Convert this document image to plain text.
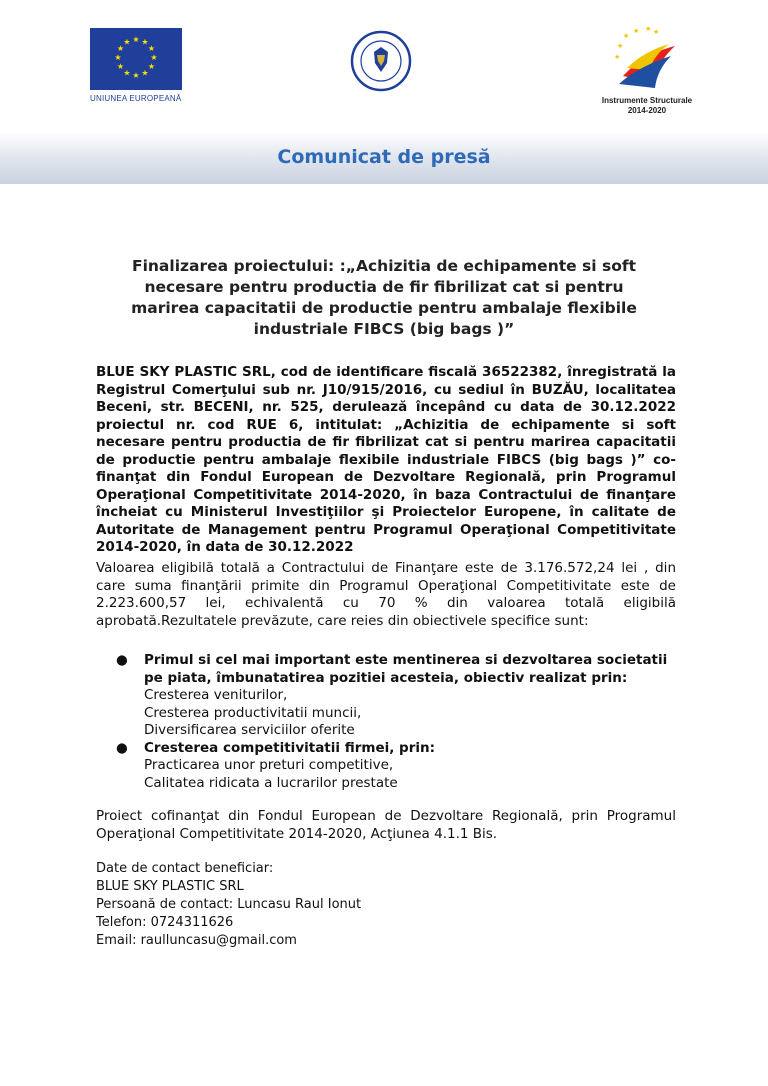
★ ★
★
★
★
★
★
★
★
★
★
★
UNIUNEA EUROPEANĂ
★
★ ★
★
★
★
Instrumente Structurale
2014-2020
Comunicat de presă
Finalizarea proiectului: :„Achizitia de echipamente si soft
necesare pentru productia de fir fibrilizat cat si pentru
marirea capacitatii de productie pentru ambalaje flexibile
industriale FIBCS (big bags )”
BLUE SKY PLASTIC SRL, cod de identificare fiscală 36522382, înregistrată la Registrul Comerţului sub nr. J10/915/2016, cu sediul în BUZĂU, localitatea Beceni, str. BECENI, nr. 525, derulează începând cu data de 30.12.2022 proiectul nr. cod RUE 6, intitulat: „Achizitia de echipamente si soft necesare pentru productia de fir fibrilizat cat si pentru marirea capacitatii de productie pentru ambalaje flexibile industriale FIBCS (big bags )” co-finanţat din Fondul European de Dezvoltare Regională, prin Programul Operaţional Competitivitate 2014-2020, în baza Contractului de finanţare încheiat cu Ministerul Investiţiilor şi Proiectelor Europene, în calitate de Autoritate de Management pentru Programul Operaţional Competitivitate 2014-2020, în data de 30.12.2022
Valoarea eligibilă totală a Contractului de Finanţare este de 3.176.572,24 lei , din care suma finanţării primite din Programul Operaţional Competitivitate este de 2.223.600,57 lei, echivalentă cu 70 % din valoarea totală eligibilă aprobată.Rezultatele prevăzute, care reies din obiectivele specifice sunt:
● Primul si cel mai important este mentinerea si dezvoltarea societatii pe piata, îmbunatatirea pozitiei acesteia, obiectiv realizat prin:
Cresterea veniturilor,
Cresterea productivitatii muncii,
Diversificarea serviciilor oferite
● Cresterea competitivitatii firmei, prin:
Practicarea unor preturi competitive,
Calitatea ridicata a lucrarilor prestate
Proiect cofinanţat din Fondul European de Dezvoltare Regională, prin Programul Operaţional Competitivitate 2014-2020, Acţiunea 4.1.1 Bis.
Date de contact beneficiar:
BLUE SKY PLASTIC SRL
Persoană de contact: Luncasu Raul Ionut
Telefon: 0724311626
Email: raulluncasu@gmail.com
